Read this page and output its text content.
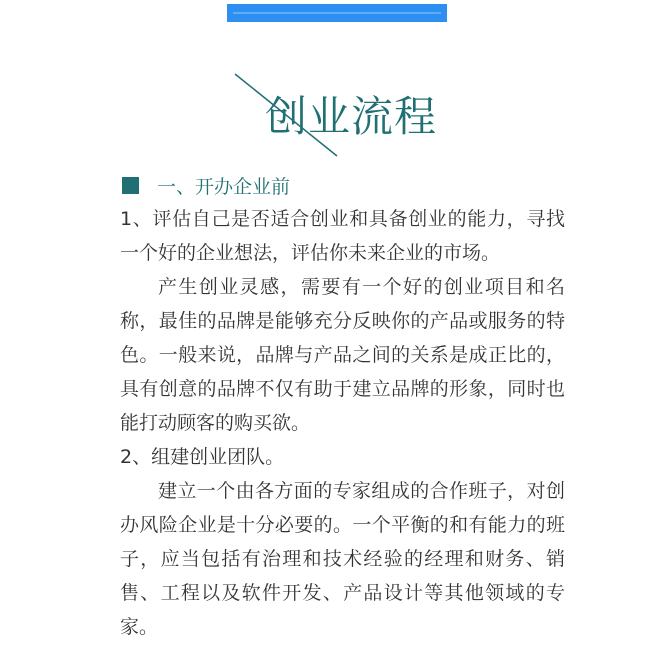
创业流程
一、开办企业前

1、评估自己是否适合创业和具备创业的能力，寻找一个好的企业想法，评估你未来企业的市场。

产生创业灵感，需要有一个好的创业项目和名称，最佳的品牌是能够充分反映你的产品或服务的特色。一般来说，品牌与产品之间的关系是成正比的，具有创意的品牌不仅有助于建立品牌的形象，同时也能打动顾客的购买欲。

2、组建创业团队。

建立一个由各方面的专家组成的合作班子，对创办风险企业是十分必要的。一个平衡的和有能力的班子，应当包括有治理和技术经验的经理和财务、销售、工程以及软件开发、产品设计等其他领域的专家。
